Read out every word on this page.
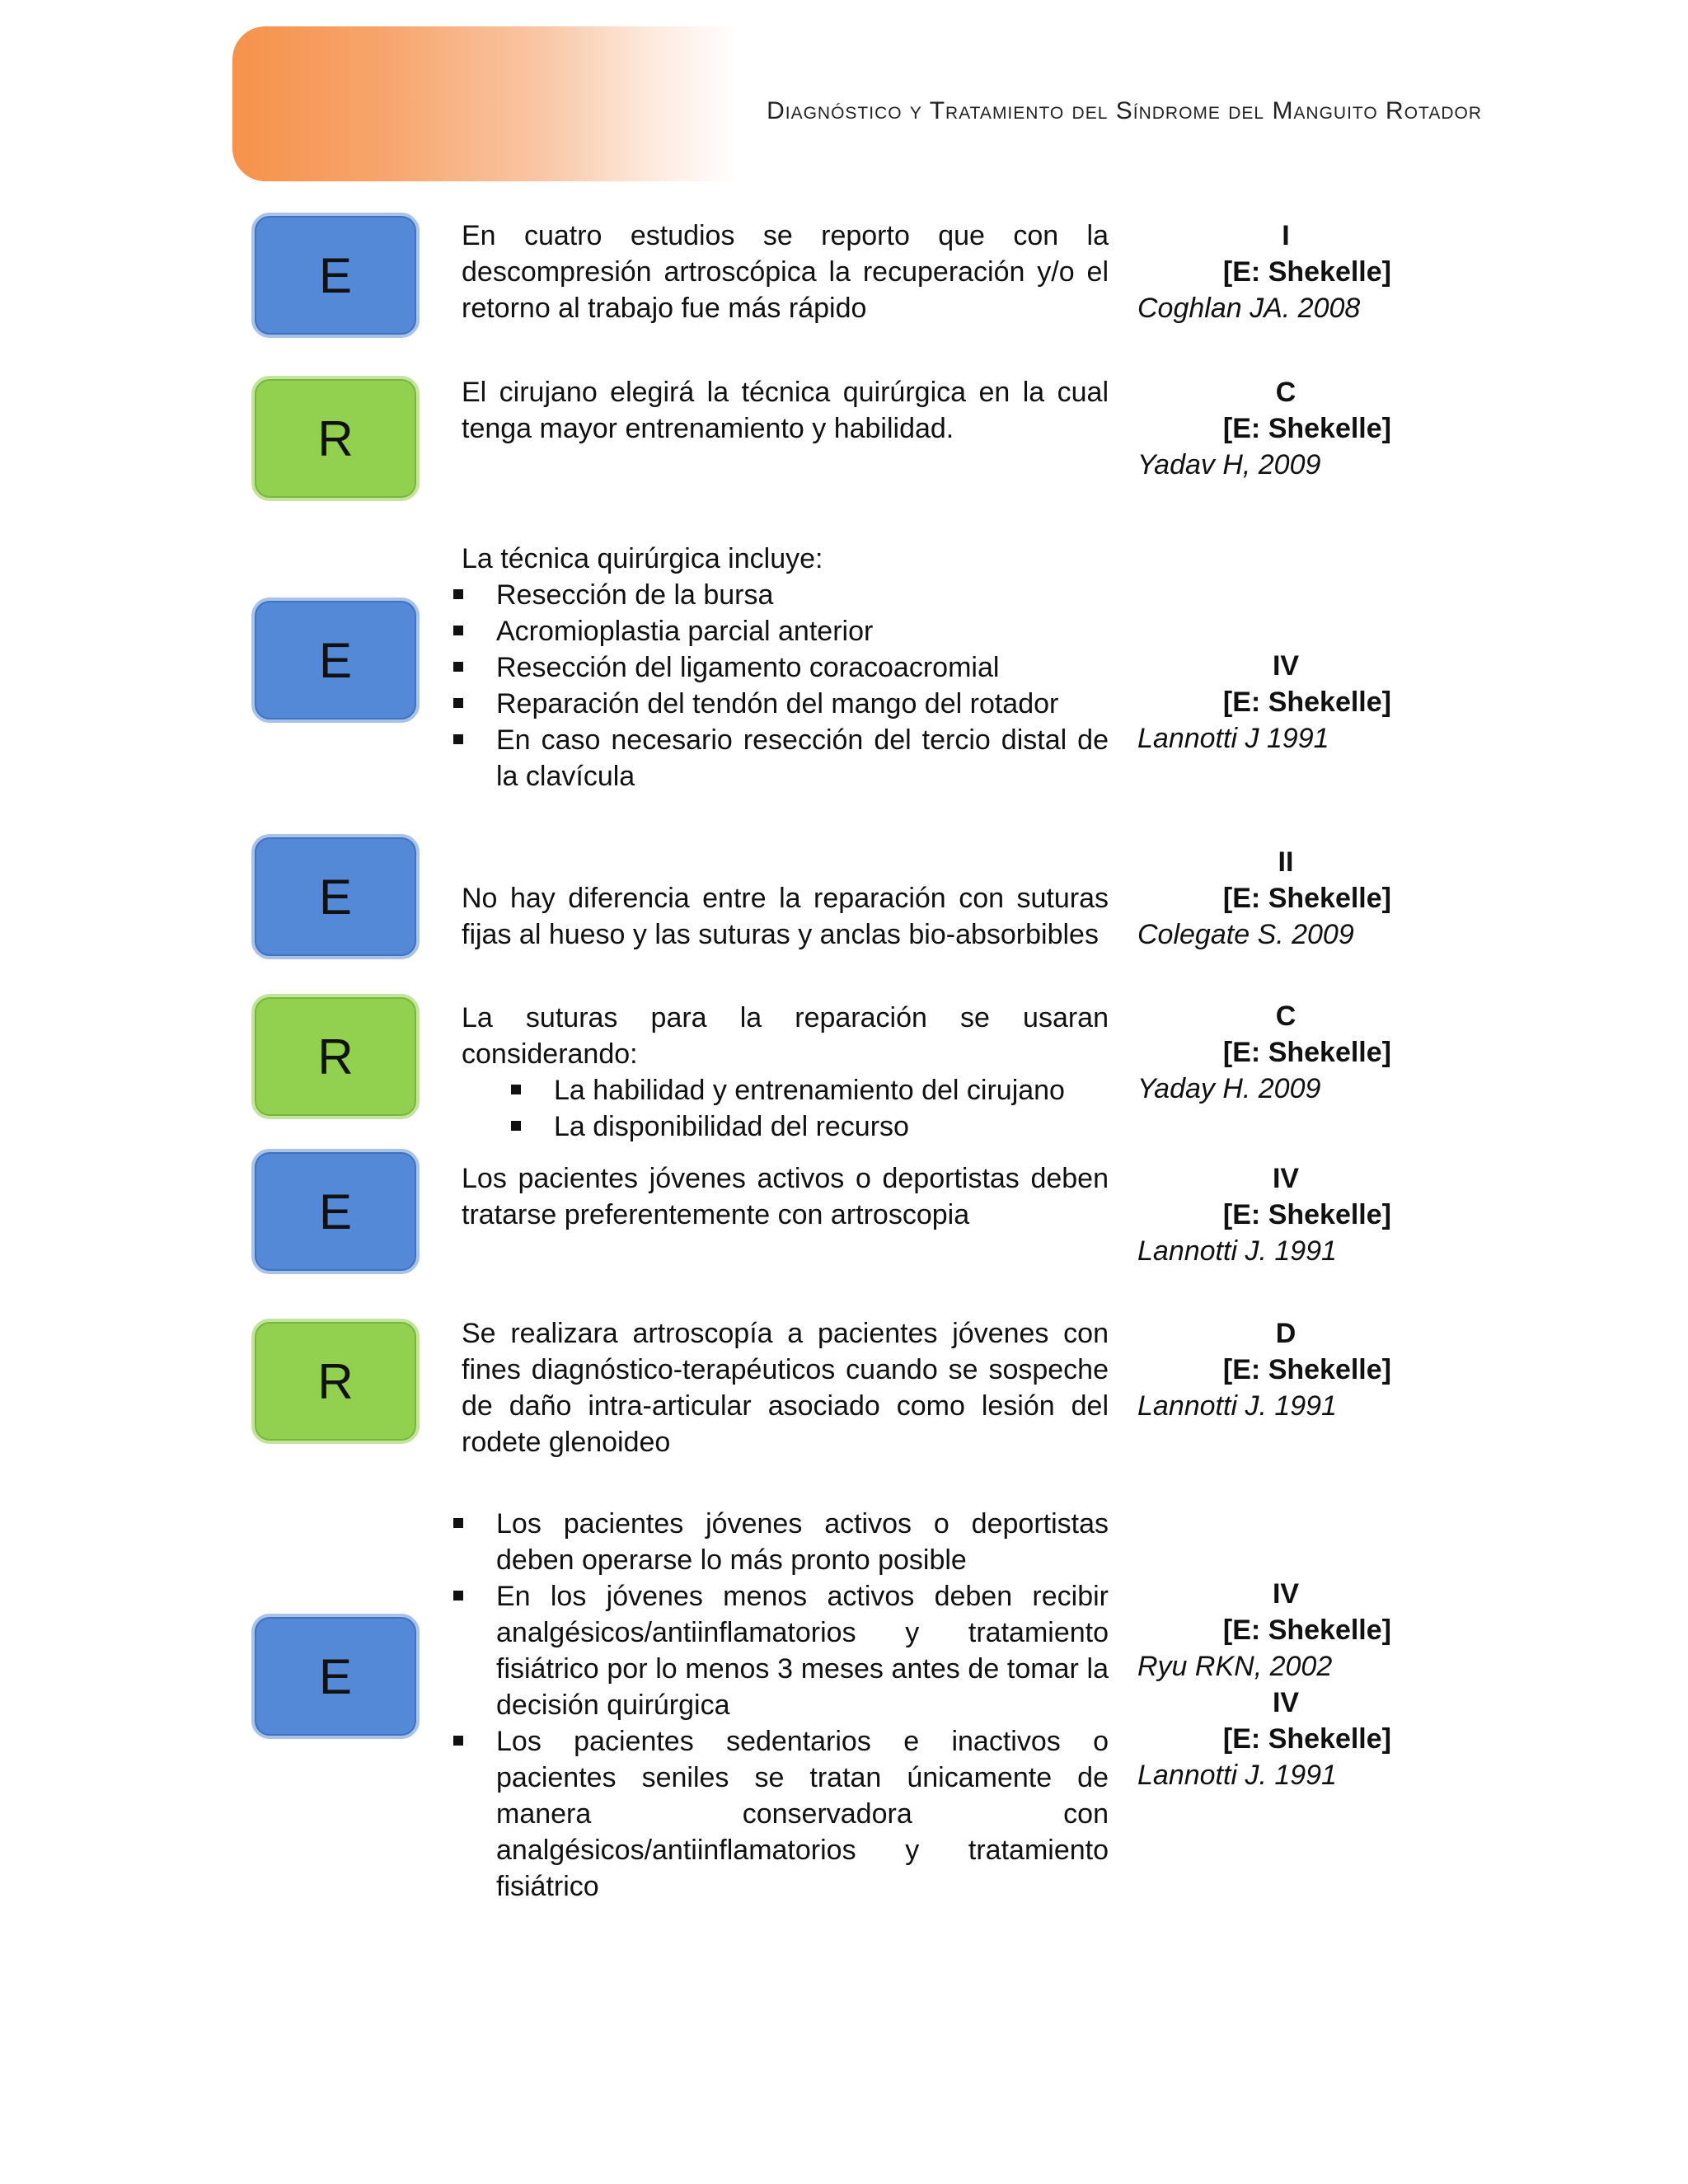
Diagnóstico y Tratamiento del Síndrome del Manguito Rotador
E

En cuatro estudios se reporto que con la descompresión artroscópica la recuperación y/o el retorno al trabajo fue más rápido

I
[E: Shekelle]
Coghlan JA. 2008
R

El cirujano elegirá la técnica quirúrgica en la cual tenga mayor entrenamiento y habilidad.

C
[E: Shekelle]
Yadav H, 2009
E

La técnica quirúrgica incluye:

Resección de la bursa
Acromioplastia parcial anterior
Resección del ligamento coracoacromial
Reparación del tendón del mango del rotador
En caso necesario resección del tercio distal de la clavícula
IV
[E: Shekelle]
Lannotti J 1991
E	No hay diferencia entre la reparación con suturas fijas al hueso y las suturas y anclas bio-absorbibles

II
[E: Shekelle]
Colegate S. 2009
R

La suturas para la reparación se usaran considerando:

La habilidad y entrenamiento del cirujano
La disponibilidad del recurso
C
[E: Shekelle]
Yaday H. 2009
E

Los pacientes jóvenes activos o deportistas deben tratarse preferentemente con artroscopia

IV
[E: Shekelle]
Lannotti J. 1991
R

Se realizara artroscopía a pacientes jóvenes con fines diagnóstico-terapéuticos cuando se sospeche de daño intra-articular asociado como lesión del rodete glenoideo

D
[E: Shekelle]
Lannotti J. 1991
E
Los pacientes jóvenes activos o deportistas deben operarse lo más pronto posible
En los jóvenes menos activos deben recibir analgésicos/antiinflamatorios y tratamiento fisiátrico por lo menos 3 meses antes de tomar la decisión quirúrgica
Los pacientes sedentarios e inactivos o pacientes seniles se tratan únicamente de manera conservadora con analgésicos/antiinflamatorios y tratamiento fisiátrico
IV
[E: Shekelle]
Ryu RKN, 2002
IV
[E: Shekelle]
Lannotti J. 1991
